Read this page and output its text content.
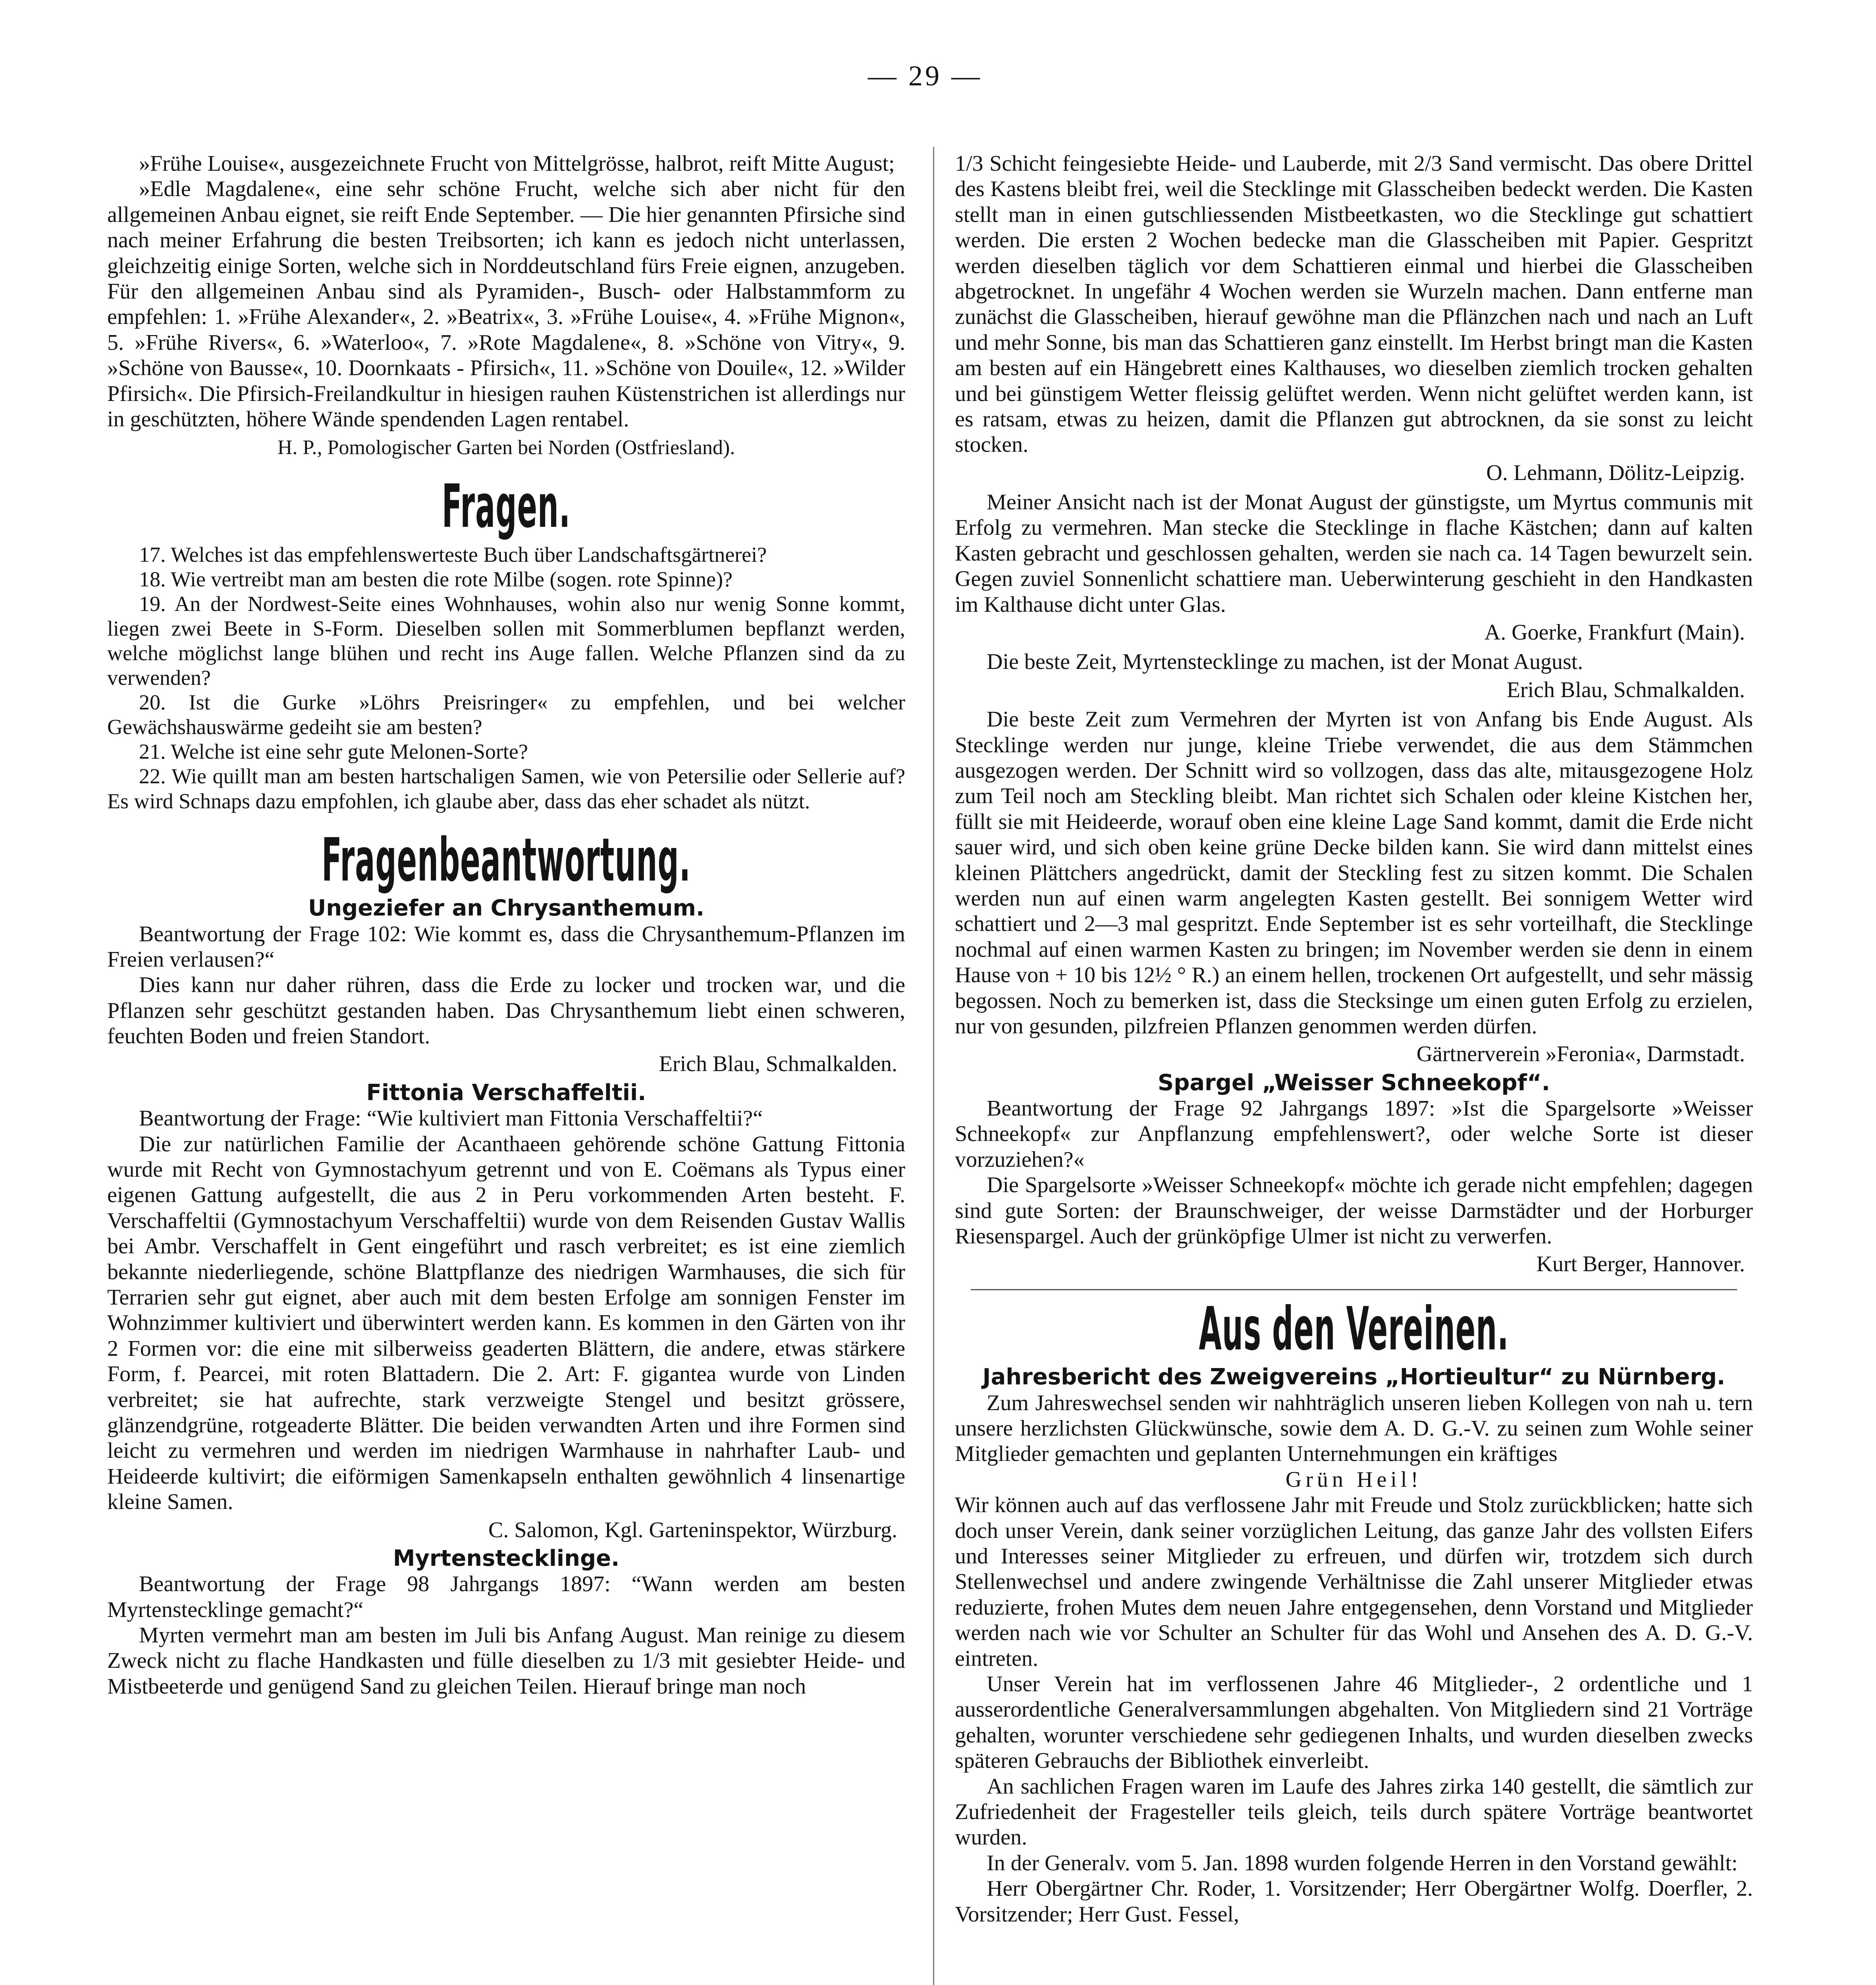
— 29 —

»Frühe Louise«, ausgezeichnete Frucht von Mittelgrösse, halbrot, reift Mitte August;

»Edle Magdalene«, eine sehr schöne Frucht, welche sich aber nicht für den allgemeinen Anbau eignet, sie reift Ende September. — Die hier genannten Pfirsiche sind nach meiner Erfahrung die besten Treibsorten; ich kann es jedoch nicht unterlassen, gleichzeitig einige Sorten, welche sich in Norddeutschland fürs Freie eignen, anzugeben. Für den allgemeinen Anbau sind als Pyramiden-, Busch- oder Halbstammform zu empfehlen: 1. »Frühe Alexander«, 2. »Beatrix«, 3. »Frühe Louise«, 4. »Frühe Mignon«, 5. »Frühe Rivers«, 6. »Waterloo«, 7. »Rote Magdalene«, 8. »Schöne von Vitry«, 9. »Schöne von Bausse«, 10. Doornkaats - Pfirsich«, 11. »Schöne von Douile«, 12. »Wilder Pfirsich«. Die Pfirsich-Freilandkultur in hiesigen rauhen Küstenstrichen ist allerdings nur in geschützten, höhere Wände spendenden Lagen rentabel.

H. P., Pomologischer Garten bei Norden (Ostfriesland).

Fragen.

17. Welches ist das empfehlenswerteste Buch über Landschaftsgärtnerei?

18. Wie vertreibt man am besten die rote Milbe (sogen. rote Spinne)?

19. An der Nordwest-Seite eines Wohnhauses, wohin also nur wenig Sonne kommt, liegen zwei Beete in S-Form. Dieselben sollen mit Sommerblumen bepflanzt werden, welche möglichst lange blühen und recht ins Auge fallen. Welche Pflanzen sind da zu verwenden?

20. Ist die Gurke »Löhrs Preisringer« zu empfehlen, und bei welcher Gewächshauswärme gedeiht sie am besten?

21. Welche ist eine sehr gute Melonen-Sorte?

22. Wie quillt man am besten hartschaligen Samen, wie von Petersilie oder Sellerie auf? Es wird Schnaps dazu empfohlen, ich glaube aber, dass das eher schadet als nützt.

Fragenbeantwortung.

Ungeziefer an Chrysanthemum.

Beantwortung der Frage 102: Wie kommt es, dass die Chrysanthemum-Pflanzen im Freien verlausen?“

Dies kann nur daher rühren, dass die Erde zu locker und trocken war, und die Pflanzen sehr geschützt gestanden haben. Das Chrysanthemum liebt einen schweren, feuchten Boden und freien Standort.

Erich Blau, Schmalkalden.

Fittonia Verschaffeltii.

Beantwortung der Frage: “Wie kultiviert man Fittonia Verschaffeltii?“

Die zur natürlichen Familie der Acanthaeen gehörende schöne Gattung Fittonia wurde mit Recht von Gymnostachyum getrennt und von E. Coëmans als Typus einer eigenen Gattung aufgestellt, die aus 2 in Peru vorkommenden Arten besteht. F. Verschaffeltii (Gymnostachyum Verschaffeltii) wurde von dem Reisenden Gustav Wallis bei Ambr. Verschaffelt in Gent eingeführt und rasch verbreitet; es ist eine ziemlich bekannte niederliegende, schöne Blattpflanze des niedrigen Warmhauses, die sich für Terrarien sehr gut eignet, aber auch mit dem besten Erfolge am sonnigen Fenster im Wohnzimmer kultiviert und überwintert werden kann. Es kommen in den Gärten von ihr 2 Formen vor: die eine mit silberweiss geaderten Blättern, die andere, etwas stärkere Form, f. Pearcei, mit roten Blattadern. Die 2. Art: F. gigantea wurde von Linden verbreitet; sie hat aufrechte, stark verzweigte Stengel und besitzt grössere, glänzendgrüne, rotgeaderte Blätter. Die beiden verwandten Arten und ihre Formen sind leicht zu vermehren und werden im niedrigen Warmhause in nahrhafter Laub- und Heideerde kultivirt; die eiförmigen Samenkapseln enthalten gewöhnlich 4 linsenartige kleine Samen.

C. Salomon, Kgl. Garteninspektor, Würzburg.

Myrtenstecklinge.

Beantwortung der Frage 98 Jahrgangs 1897: “Wann werden am besten Myrtenstecklinge gemacht?“

Myrten vermehrt man am besten im Juli bis Anfang August. Man reinige zu diesem Zweck nicht zu flache Handkasten und fülle dieselben zu 1/3 mit gesiebter Heide- und Mistbeeterde und genügend Sand zu gleichen Teilen. Hierauf bringe man noch

1/3 Schicht feingesiebte Heide- und Lauberde, mit 2/3 Sand vermischt. Das obere Drittel des Kastens bleibt frei, weil die Stecklinge mit Glasscheiben bedeckt werden. Die Kasten stellt man in einen gutschliessenden Mistbeetkasten, wo die Stecklinge gut schattiert werden. Die ersten 2 Wochen bedecke man die Glasscheiben mit Papier. Gespritzt werden dieselben täglich vor dem Schattieren einmal und hierbei die Glasscheiben abgetrocknet. In ungefähr 4 Wochen werden sie Wurzeln machen. Dann entferne man zunächst die Glasscheiben, hierauf gewöhne man die Pflänzchen nach und nach an Luft und mehr Sonne, bis man das Schattieren ganz einstellt. Im Herbst bringt man die Kasten am besten auf ein Hängebrett eines Kalthauses, wo dieselben ziemlich trocken gehalten und bei günstigem Wetter fleissig gelüftet werden. Wenn nicht gelüftet werden kann, ist es ratsam, etwas zu heizen, damit die Pflanzen gut abtrocknen, da sie sonst zu leicht stocken.

O. Lehmann, Dölitz-Leipzig.

Meiner Ansicht nach ist der Monat August der günstigste, um Myrtus communis mit Erfolg zu vermehren. Man stecke die Stecklinge in flache Kästchen; dann auf kalten Kasten gebracht und geschlossen gehalten, werden sie nach ca. 14 Tagen bewurzelt sein. Gegen zuviel Sonnenlicht schattiere man. Ueberwinterung geschieht in den Handkasten im Kalthause dicht unter Glas.

A. Goerke, Frankfurt (Main).

Die beste Zeit, Myrtenstecklinge zu machen, ist der Monat August.

Erich Blau, Schmalkalden.

Die beste Zeit zum Vermehren der Myrten ist von Anfang bis Ende August. Als Stecklinge werden nur junge, kleine Triebe verwendet, die aus dem Stämmchen ausgezogen werden. Der Schnitt wird so vollzogen, dass das alte, mitausgezogene Holz zum Teil noch am Steckling bleibt. Man richtet sich Schalen oder kleine Kistchen her, füllt sie mit Heideerde, worauf oben eine kleine Lage Sand kommt, damit die Erde nicht sauer wird, und sich oben keine grüne Decke bilden kann. Sie wird dann mittelst eines kleinen Plättchers angedrückt, damit der Steckling fest zu sitzen kommt. Die Schalen werden nun auf einen warm angelegten Kasten gestellt. Bei sonnigem Wetter wird schattiert und 2—3 mal gespritzt. Ende September ist es sehr vorteilhaft, die Stecklinge nochmal auf einen warmen Kasten zu bringen; im November werden sie denn in einem Hause von + 10 bis 12½ ° R.) an einem hellen, trockenen Ort aufgestellt, und sehr mässig begossen. Noch zu bemerken ist, dass die Stecksinge um einen guten Erfolg zu erzielen, nur von gesunden, pilzfreien Pflanzen genommen werden dürfen.

Gärtnerverein »Feronia«, Darmstadt.

Spargel „Weisser Schneekopf“.

Beantwortung der Frage 92 Jahrgangs 1897: »Ist die Spargelsorte »Weisser Schneekopf« zur Anpflanzung empfehlenswert?, oder welche Sorte ist dieser vorzuziehen?«

Die Spargelsorte »Weisser Schneekopf« möchte ich gerade nicht empfehlen; dagegen sind gute Sorten: der Braunschweiger, der weisse Darmstädter und der Horburger Riesenspargel. Auch der grünköpfige Ulmer ist nicht zu verwerfen.

Kurt Berger, Hannover.

Aus den Vereinen.

Jahresbericht des Zweigvereins „Hortieultur“ zu Nürnberg.

Zum Jahreswechsel senden wir nahhträglich unseren lieben Kollegen von nah u. tern unsere herzlichsten Glückwünsche, sowie dem A. D. G.-V. zu seinen zum Wohle seiner Mitglieder gemachten und geplanten Unternehmungen ein kräftiges

Grün Heil!

Wir können auch auf das verflossene Jahr mit Freude und Stolz zurückblicken; hatte sich doch unser Verein, dank seiner vorzüglichen Leitung, das ganze Jahr des vollsten Eifers und Interesses seiner Mitglieder zu erfreuen, und dürfen wir, trotzdem sich durch Stellenwechsel und andere zwingende Verhältnisse die Zahl unserer Mitglieder etwas reduzierte, frohen Mutes dem neuen Jahre entgegensehen, denn Vorstand und Mitglieder werden nach wie vor Schulter an Schulter für das Wohl und Ansehen des A. D. G.-V. eintreten.

Unser Verein hat im verflossenen Jahre 46 Mitglieder-, 2 ordentliche und 1 ausserordentliche Generalversammlungen abgehalten. Von Mitgliedern sind 21 Vorträge gehalten, worunter verschiedene sehr gediegenen Inhalts, und wurden dieselben zwecks späteren Gebrauchs der Bibliothek einverleibt.

An sachlichen Fragen waren im Laufe des Jahres zirka 140 gestellt, die sämtlich zur Zufriedenheit der Fragesteller teils gleich, teils durch spätere Vorträge beantwortet wurden.

In der Generalv. vom 5. Jan. 1898 wurden folgende Herren in den Vorstand gewählt:

Herr Obergärtner Chr. Roder, 1. Vorsitzender; Herr Obergärtner Wolfg. Doerfler, 2. Vorsitzender; Herr Gust. Fessel,
